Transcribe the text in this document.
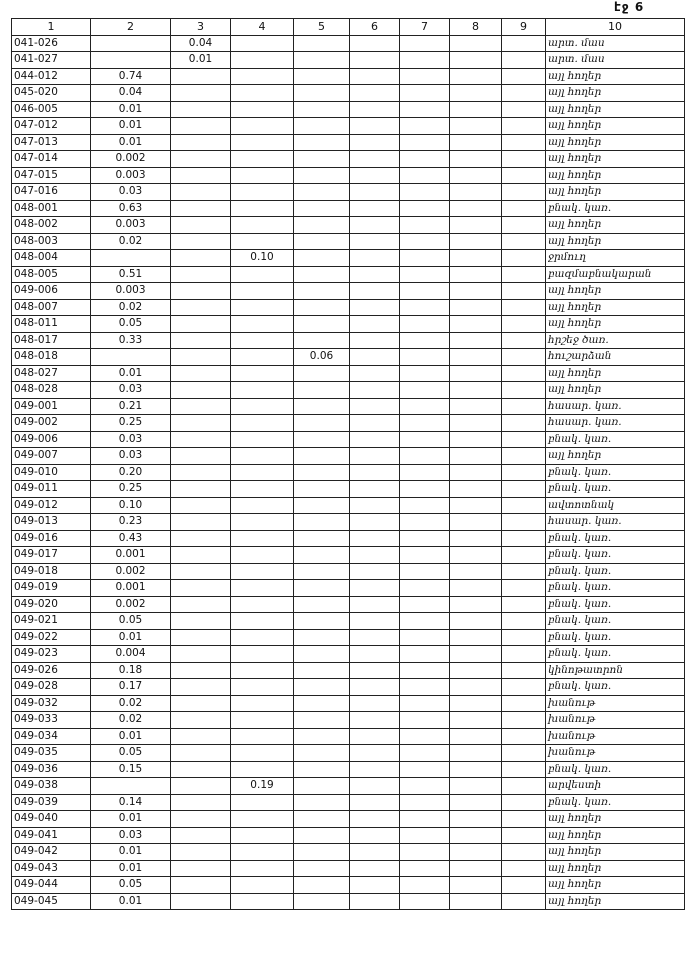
էջ 6
1	2	3	4	5	6	7	8	9	10
041-026		0.04							արտ. մաս
041-027		0.01							արտ. մաս
044-012	0.74								այլ հողեր
045-020	0.04								այլ հողեր
046-005	0.01								այլ հողեր
047-012	0.01								այլ հողեր
047-013	0.01								այլ հողեր
047-014	0.002								այլ հողեր
047-015	0.003								այլ հողեր
047-016	0.03								այլ հողեր
048-001	0.63								բնակ. կառ.
048-002	0.003								այլ հողեր
048-003	0.02								այլ հողեր
048-004			0.10						ջրմուղ
048-005	0.51								բազմաբնակարան
049-006	0.003								այլ հողեր
048-007	0.02								այլ հողեր
048-011	0.05								այլ հողեր
048-017	0.33								հրշեջ ծառ.
048-018				0.06					հուշարձան
048-027	0.01								այլ հողեր
048-028	0.03								այլ հողեր
049-001	0.21								հասար. կառ.
049-002	0.25								հասար. կառ.
049-006	0.03								բնակ. կառ.
049-007	0.03								այլ հողեր
049-010	0.20								բնակ. կառ.
049-011	0.25								բնակ. կառ.
049-012	0.10								ավտոտնակ
049-013	0.23								հասար. կառ.
049-016	0.43								բնակ. կառ.
049-017	0.001								բնակ. կառ.
049-018	0.002								բնակ. կառ.
049-019	0.001								բնակ. կառ.
049-020	0.002								բնակ. կառ.
049-021	0.05								բնակ. կառ.
049-022	0.01								բնակ. կառ.
049-023	0.004								բնակ. կառ.
049-026	0.18								կինոթատրոն
049-028	0.17								բնակ. կառ.
049-032	0.02								խանութ
049-033	0.02								խանութ
049-034	0.01								խանութ
049-035	0.05								խանութ
049-036	0.15								բնակ. կառ.
049-038			0.19						արվեստի
049-039	0.14								բնակ. կառ.
049-040	0.01								այլ հողեր
049-041	0.03								այլ հողեր
049-042	0.01								այլ հողեր
049-043	0.01								այլ հողեր
049-044	0.05								այլ հողեր
049-045	0.01								այլ հողեր
